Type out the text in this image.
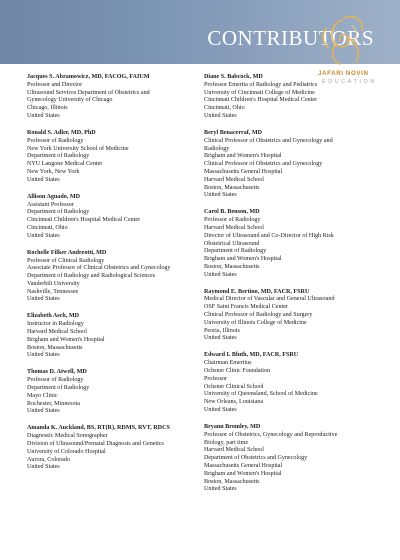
CONTRIBUTORS
JAFARI NOVIN
EDUCATION
Jacques S. Abramowicz, MD, FACOG, FAIUM
Professor and Director
Ultrasound Services Department of Obstetrics and
Gynecology University of Chicago
Chicago, Illinois
United States
Ronald S. Adler, MD, PhD
Professor of Radiology
New York University School of Medicine
Department of Radiology
NYU Langone Medical Center
New York, New York
United States
Allison Aguado, MD
Assistant Professor
Department of Radiology
Cincinnati Children's Hospital Medical Center
Cincinnati, Ohio
United States
Rochelle Filker Andreotti, MD
Professor of Clinical Radiology
Associate Professor of Clinical Obstetrics and Gynecology
Department of Radiology and Radiological Sciences
Vanderbilt University
Nashville, Tennessee
United States
Elizabeth Asch, MD
Instructor in Radiology
Harvard Medical School
Brigham and Women's Hospital
Boston, Massachusetts
United States
Thomas D. Atwell, MD
Professor of Radiology
Department of Radiology
Mayo Clinic
Rochester, Minnesota
United States
Amanda K. Auckland, BS, RT(R), RDMS, RVT, RDCS
Diagnostic Medical Sonographer
Division of Ultrasound/Prenatal Diagnosis and Genetics
University of Colorado Hospital
Aurora, Colorado
United States
Diane S. Babcock, MD
Professor Emerita of Radiology and Pediatrics
University of Cincinnati College of Medicine
Cincinnati Children's Hospital Medical Center
Cincinnati, Ohio
United States
Beryl Benacerraf, MD
Clinical Professor of Obstetrics and Gynecology and
Radiology
Brigham and Women's Hospital
Clinical Professor of Obstetrics and Gynecology
Massachusetts General Hospital
Harvard Medical School
Boston, Massachusetts
United States
Carol B. Benson, MD
Professor of Radiology
Harvard Medical School
Director of Ultrasound and Co-Director of High Risk
Obstetrical Ultrasound
Department of Radiology
Brigham and Women's Hospital
Boston, Massachusetts
United States
Raymond E. Bertino, MD, FACR, FSRU
Medical Director of Vascular and General Ultrasound
OSF Saint Francis Medical Center
Clinical Professor of Radiology and Surgery
University of Illinois College of Medicine
Peoria, Illinois
United States
Edward I. Bluth, MD, FACR, FSRU
Chairman Emeritus
Ochsner Clinic Foundation
Professor
Ochsner Clinical School
University of Queensland, School of Medicine
New Orleans, Louisiana
United States
Bryann Bromley, MD
Professor of Obstetrics, Gynecology and Reproductive
Biology, part time
Harvard Medical School
Department of Obstetrics and Gynecology
Massachusetts General Hospital
Brigham and Women's Hospital
Boston, Massachusetts
United States
